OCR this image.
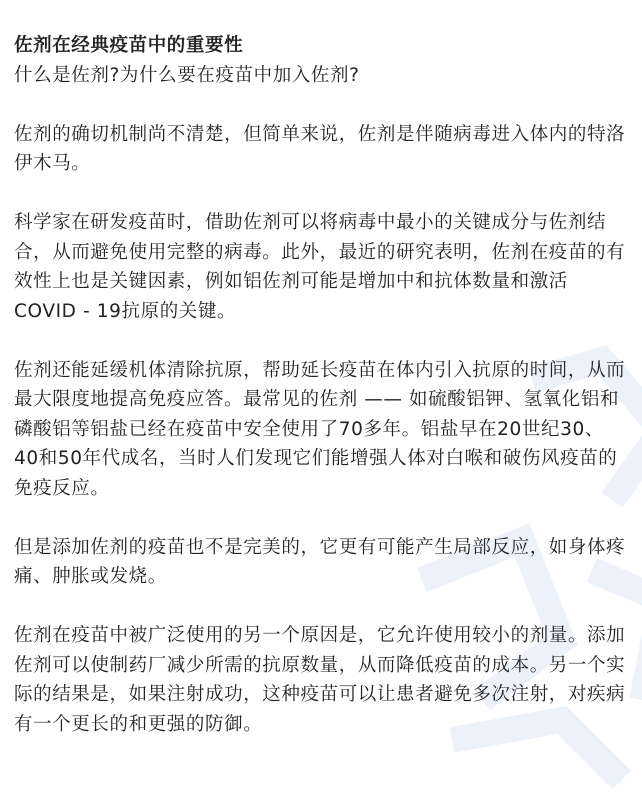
佐剂在经典疫苗中的重要性
什么是佐剂?为什么要在疫苗中加入佐剂?

佐剂的确切机制尚不清楚，但简单来说，佐剂是伴随病毒进入体内的特洛伊木马。

科学家在研发疫苗时，借助佐剂可以将病毒中最小的关键成分与佐剂结合，从而避免使用完整的病毒。此外，最近的研究表明，佐剂在疫苗的有效性上也是关键因素，例如铝佐剂可能是增加中和抗体数量和激活COVID - 19抗原的关键。

佐剂还能延缓机体清除抗原，帮助延长疫苗在体内引入抗原的时间，从而最大限度地提高免疫应答。最常见的佐剂 —— 如硫酸铝钾、氢氧化铝和磷酸铝等铝盐已经在疫苗中安全使用了70多年。铝盐早在20世纪30、40和50年代成名，当时人们发现它们能增强人体对白喉和破伤风疫苗的免疫反应。

但是添加佐剂的疫苗也不是完美的，它更有可能产生局部反应，如身体疼痛、肿胀或发烧。

佐剂在疫苗中被广泛使用的另一个原因是，它允许使用较小的剂量。添加佐剂可以使制药厂减少所需的抗原数量，从而降低疫苗的成本。另一个实际的结果是，如果注射成功，这种疫苗可以让患者避免多次注射，对疾病有一个更长的和更强的防御。
